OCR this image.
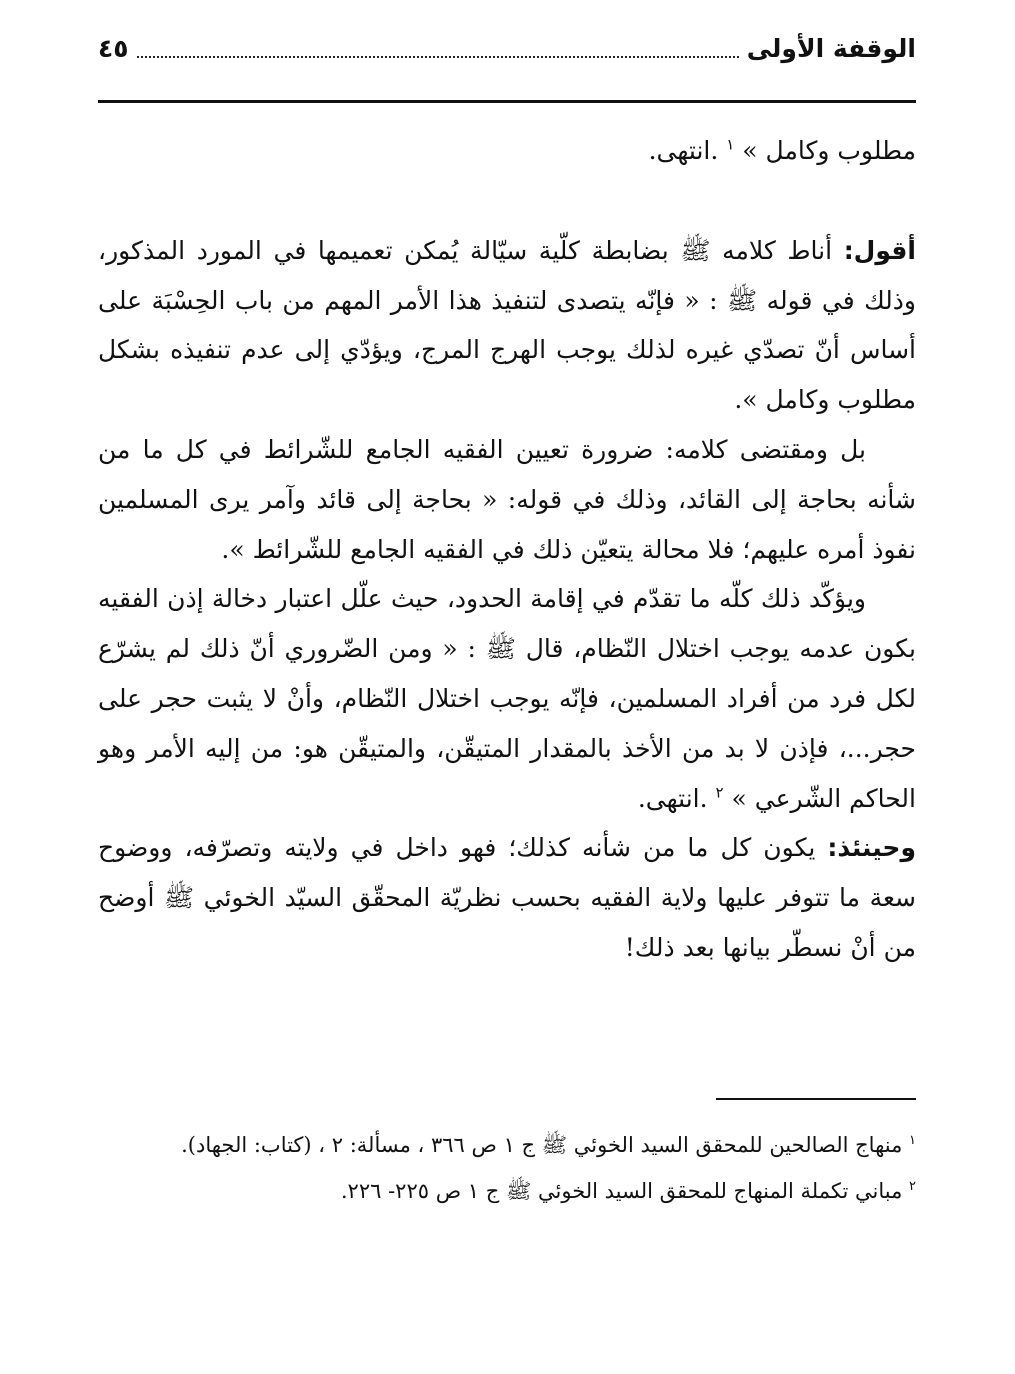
الوقفة الأولى
٤٥

مطلوب وكامل » $^١$ .انتهى.

أقول: أناط كلامه ﷺ بضابطة كلّية سيّالة يُمكن تعميمها في المورد المذكور، وذلك في قوله ﷺ : « فإنّه يتصدى لتنفيذ هذا الأمر المهم من باب الحِسْبَة على أساس أنّ تصدّي غيره لذلك يوجب الهرج المرج، ويؤدّي إلى عدم تنفيذه بشكل مطلوب وكامل ».

بل ومقتضى كلامه: ضرورة تعيين الفقيه الجامع للشّرائط في كل ما من شأنه بحاجة إلى القائد، وذلك في قوله: « بحاجة إلى قائد وآمر يرى المسلمين نفوذ أمره عليهم؛ فلا محالة يتعيّن ذلك في الفقيه الجامع للشّرائط ».

ويؤكّد ذلك كلّه ما تقدّم في إقامة الحدود، حيث علّل اعتبار دخالة إذن الفقيه بكون عدمه يوجب اختلال النّظام، قال ﷺ : « ومن الضّروري أنّ ذلك لم يشرّع لكل فرد من أفراد المسلمين، فإنّه يوجب اختلال النّظام، وأنْ لا يثبت حجر على حجر...، فإذن لا بد من الأخذ بالمقدار المتيقّن، والمتيقّن هو: من إليه الأمر وهو الحاكم الشّرعي » $^٢$ .انتهى.

وحينئذ: يكون كل ما من شأنه كذلك؛ فهو داخل في ولايته وتصرّفه، ووضوح سعة ما تتوفر عليها ولاية الفقيه بحسب نظريّة المحقّق السيّد الخوئي ﷺ أوضح من أنْ نسطّر بيانها بعد ذلك!

$^١$ منهاج الصالحين للمحقق السيد الخوئي ﷺ ج ١ ص ٣٦٦ ، مسألة: ٢ ، (كتاب: الجهاد).

$^٢$ مباني تكملة المنهاج للمحقق السيد الخوئي ﷺ ج ١ ص ٢٢٥- ٢٢٦.
